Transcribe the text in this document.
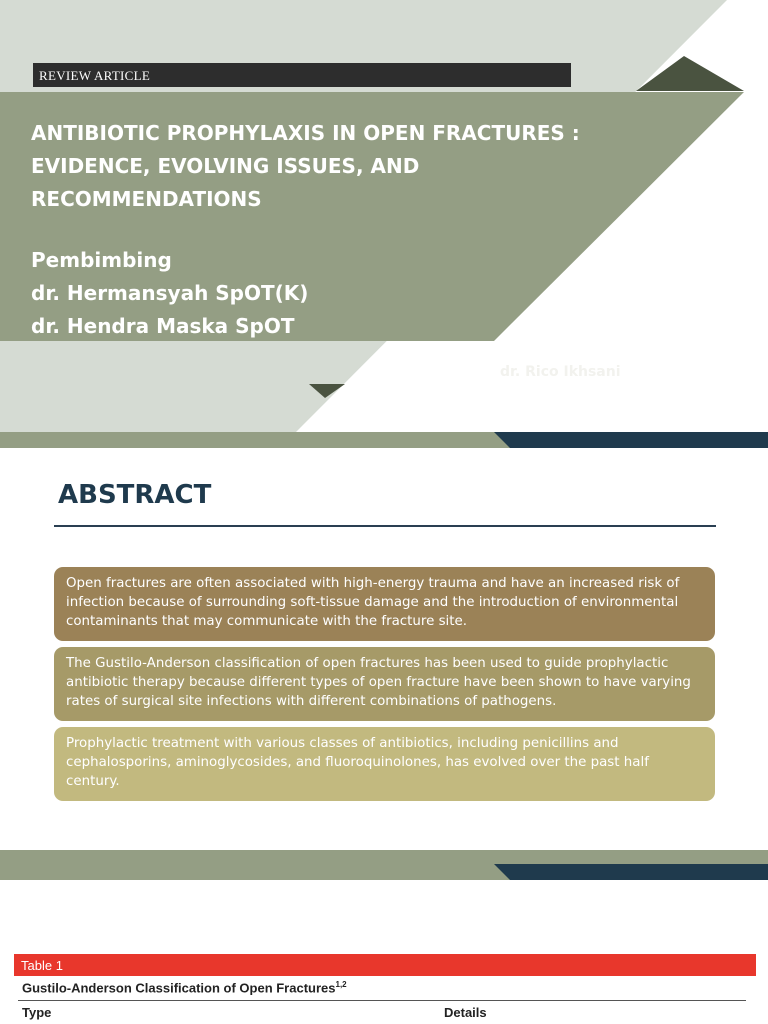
REVIEW ARTICLE
ANTIBIOTIC PROPHYLAXIS IN OPEN FRACTURES :
EVIDENCE, EVOLVING ISSUES, AND
RECOMMENDATIONS
Pembimbing
dr. Hermansyah SpOT(K)
dr. Hendra Maska SpOT
dr. Rico Ikhsani
ABSTRACT
Open fractures are often associated with high-energy trauma and have an increased risk of infection because of surrounding soft-tissue damage and the introduction of environmental contaminants that may communicate with the fracture site.
The Gustilo-Anderson classification of open fractures has been used to guide prophylactic antibiotic therapy because different types of open fracture have been shown to have varying rates of surgical site infections with different combinations of pathogens.
Prophylactic treatment with various classes of antibiotics, including penicillins and cephalosporins, aminoglycosides, and fluoroquinolones, has evolved over the past half century.
Table 1
Gustilo-Anderson Classification of Open Fractures$^{1,2}$
Type	Details
